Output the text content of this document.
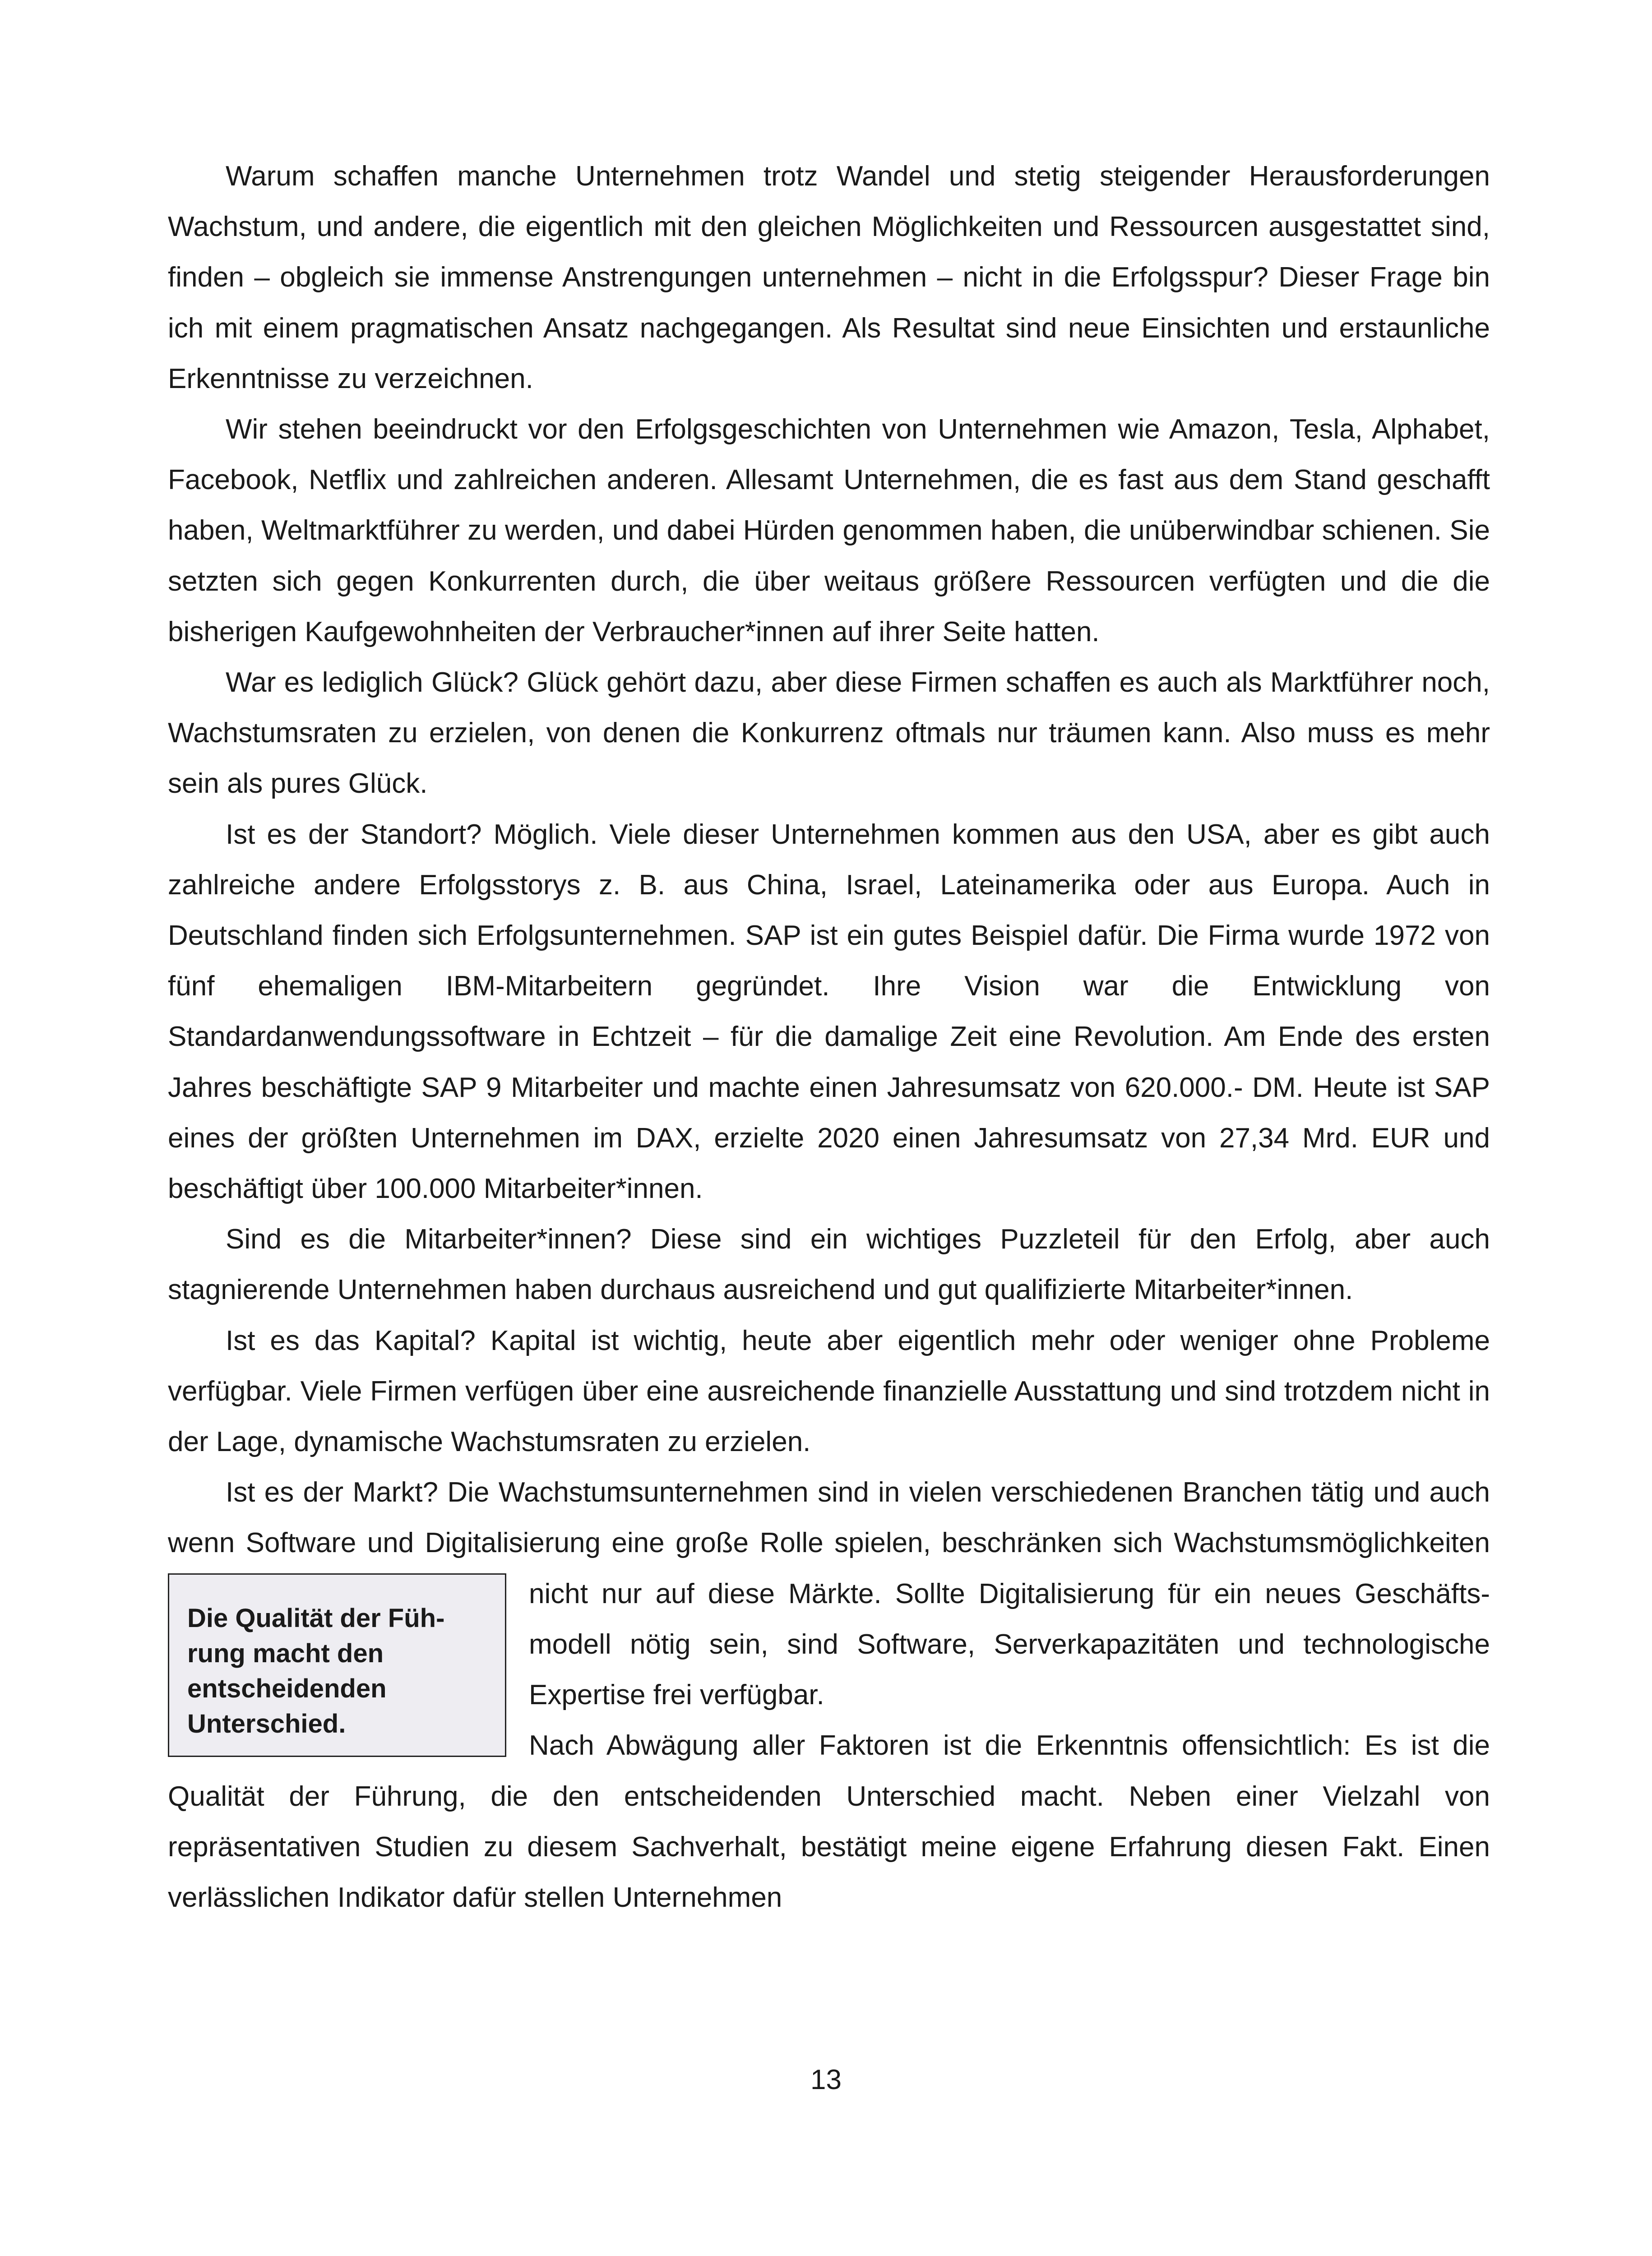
Warum schaffen manche Unternehmen trotz Wandel und stetig steigender Herausforderungen Wachstum, und andere, die eigentlich mit den gleichen Möglichkeiten und Ressourcen ausgestattet sind, finden – obgleich sie immense Anstrengungen unternehmen – nicht in die Erfolgsspur? Dieser Frage bin ich mit einem pragmatischen Ansatz nachgegangen. Als Resultat sind neue Einsichten und erstaunliche Erkenntnisse zu verzeichnen.

Wir stehen beeindruckt vor den Erfolgsgeschichten von Unternehmen wie Amazon, Tesla, Alphabet, Facebook, Netflix und zahlreichen anderen. Allesamt Unternehmen, die es fast aus dem Stand geschafft haben, Weltmarktführer zu werden, und dabei Hürden genommen haben, die unüberwindbar schienen. Sie setzten sich gegen Konkurrenten durch, die über weitaus größere Ressourcen verfügten und die die bisherigen Kaufgewohnheiten der Verbraucher*innen auf ihrer Seite hatten.

War es lediglich Glück? Glück gehört dazu, aber diese Firmen schaffen es auch als Marktführer noch, Wachstumsraten zu erzielen, von denen die Konkurrenz oftmals nur träumen kann. Also muss es mehr sein als pures Glück.

Ist es der Standort? Möglich. Viele dieser Unternehmen kommen aus den USA, aber es gibt auch zahlreiche andere Erfolgsstorys z. B. aus China, Israel, Lateinamerika oder aus Europa. Auch in Deutschland finden sich Erfolgsunternehmen. SAP ist ein gutes Beispiel dafür. Die Firma wurde 1972 von fünf ehemaligen IBM-Mitarbeitern gegründet. Ihre Vision war die Entwicklung von Standardanwendungssoftware in Echtzeit – für die damalige Zeit eine Revolution. Am Ende des ersten Jahres beschäftigte SAP 9 Mitarbeiter und machte einen Jahresumsatz von 620.000.- DM. Heute ist SAP eines der größten Unternehmen im DAX, erzielte 2020 einen Jahresumsatz von 27,34 Mrd. EUR und beschäftigt über 100.000 Mitarbeiter*innen.

Sind es die Mitarbeiter*innen? Diese sind ein wichtiges Puzzleteil für den Erfolg, aber auch stagnierende Unternehmen haben durchaus ausreichend und gut qualifizierte Mitarbeiter*innen.

Ist es das Kapital? Kapital ist wichtig, heute aber eigentlich mehr oder weniger ohne Probleme verfügbar. Viele Firmen verfügen über eine ausreichende finanzielle Ausstattung und sind trotzdem nicht in der Lage, dynamische Wachstumsraten zu erzielen.

Ist es der Markt? Die Wachstumsunternehmen sind in vielen verschiedenen Branchen tätig und auch wenn Software und Digitalisierung eine große Rolle spielen, beschränken sich Wachstumsmöglichkeiten nicht nur auf diese Märkte. Sollte Digitalisierung für ein neues Geschäfts
Die Qualität der Führung macht den entscheidenden Unterschied.
modell nötig sein, sind Software, Serverkapazitäten und technologische Expertise frei verfügbar.

Nach Abwägung aller Faktoren ist die Erkenntnis offensichtlich: Es ist die Qualität der Führung, die den entscheidenden Unterschied macht. Neben einer Vielzahl von repräsentativen Studien zu diesem Sachverhalt, bestätigt meine eigene Erfahrung diesen Fakt. Einen verlässlichen Indikator dafür stellen Unternehmen

13
